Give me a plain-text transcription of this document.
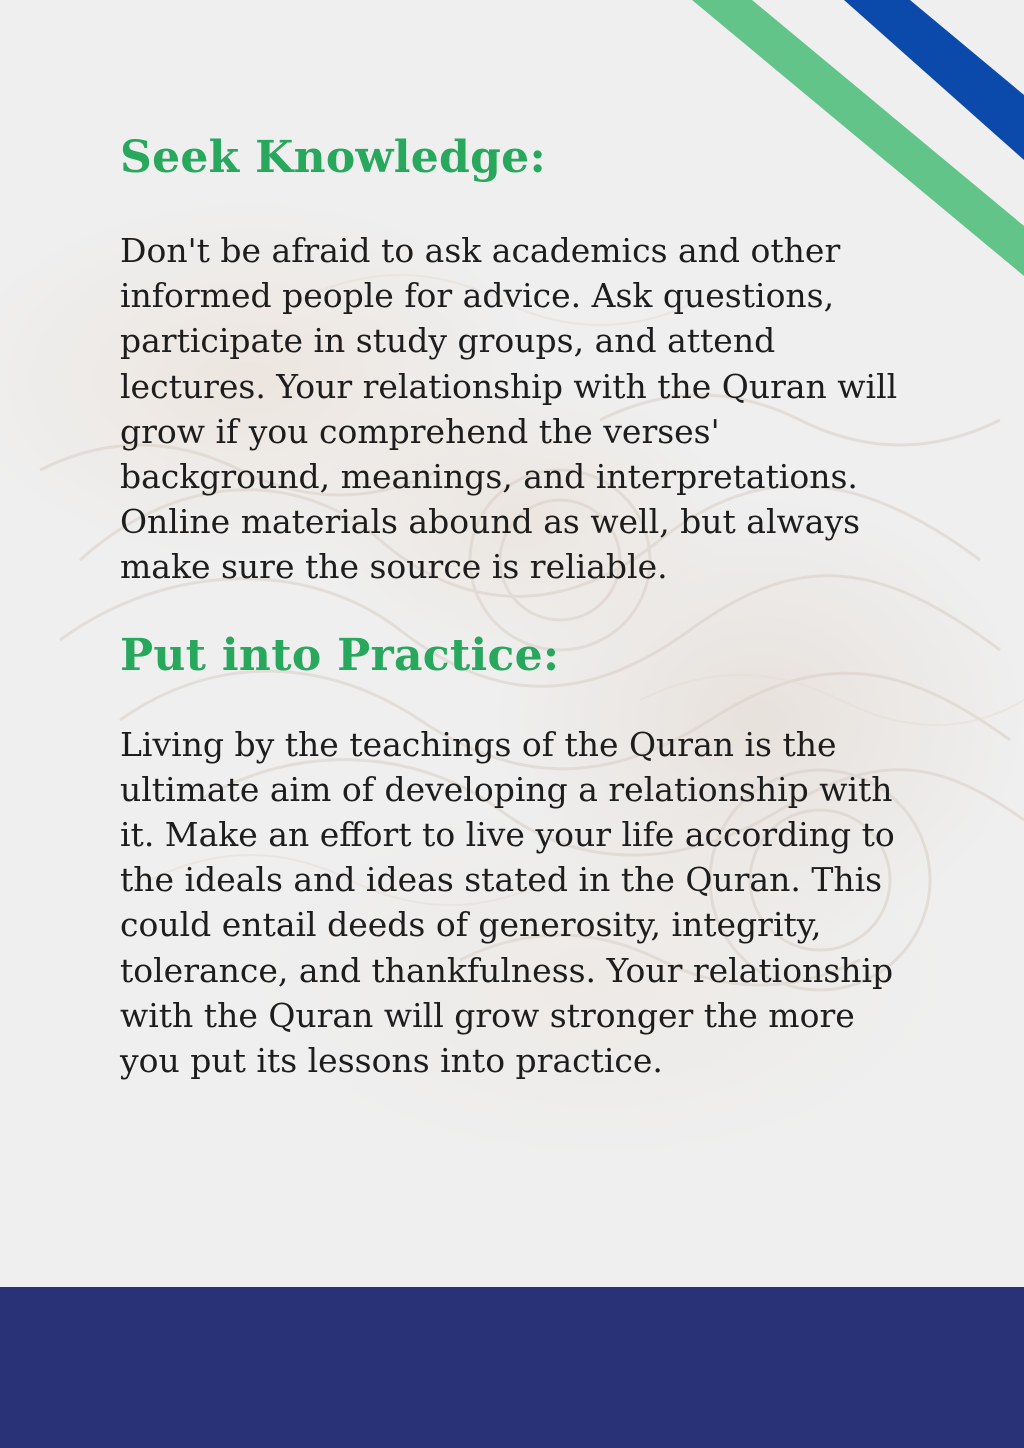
Seek Knowledge:

Don't be afraid to ask academics and other informed people for advice. Ask questions, participate in study groups, and attend lectures. Your relationship with the Quran will grow if you comprehend the verses' background, meanings, and interpretations. Online materials abound as well, but always make sure the source is reliable.

Put into Practice:

Living by the teachings of the Quran is the ultimate aim of developing a relationship with it. Make an effort to live your life according to the ideals and ideas stated in the Quran. This could entail deeds of generosity, integrity, tolerance, and thankfulness. Your relationship with the Quran will grow stronger the more you put its lessons into practice.
